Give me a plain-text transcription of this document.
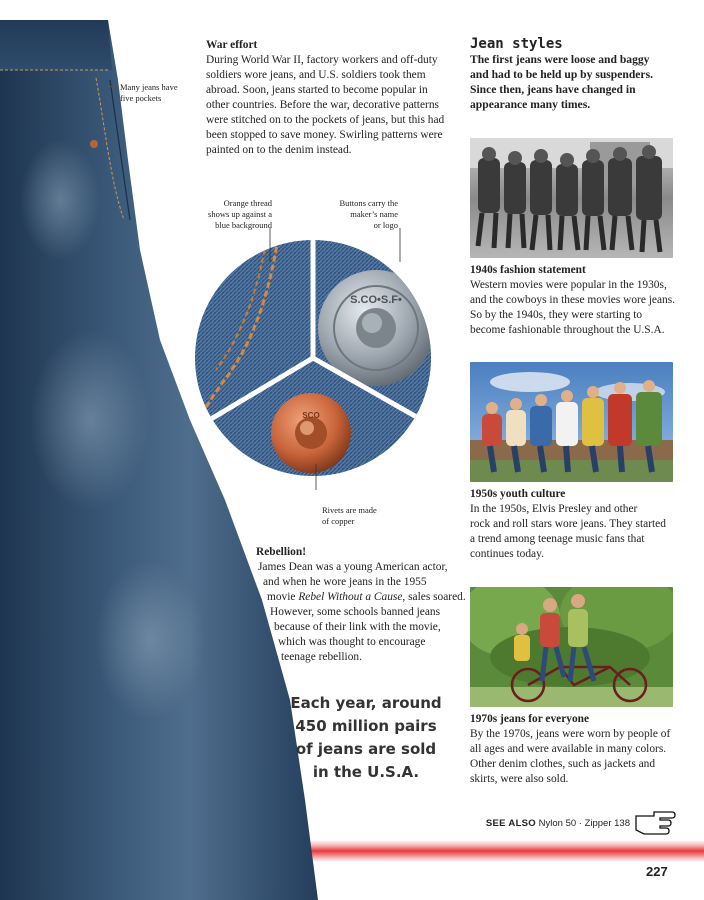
Many jeans have
five pockets
War effort
During World War II, factory workers and off-duty
soldiers wore jeans, and U.S. soldiers took them
abroad. Soon, jeans started to become popular in
other countries. Before the war, decorative patterns
were stitched on to the pockets of jeans, but this had
been stopped to save money. Swirling patterns were
painted on to the denim instead.
Orange thread
shows up against a
blue background
Buttons carry the
maker’s name
or logo
S.CO•S.F•
SCO
Rivets are made
of copper
Rebellion!
James Dean was a young American actor,
and when he wore jeans in the 1955
movie Rebel Without a Cause, sales soared.
However, some schools banned jeans
because of their link with the movie,
which was thought to encourage
teenage rebellion.
Each year, around
450 million pairs
of jeans are sold
in the U.S.A.
Jean styles
The first jeans were loose and baggy
and had to be held up by suspenders.
Since then, jeans have changed in
appearance many times.
1940s fashion statement
Western movies were popular in the 1930s,
and the cowboys in these movies wore jeans.
So by the 1940s, they were starting to
become fashionable throughout the U.S.A.
1950s youth culture
In the 1950s, Elvis Presley and other
rock and roll stars wore jeans. They started
a trend among teenage music fans that
continues today.
1970s jeans for everyone
By the 1970s, jeans were worn by people of
all ages and were available in many colors.
Other denim clothes, such as jackets and
skirts, were also sold.
SEE ALSO Nylon 50 · Zipper 138
227
